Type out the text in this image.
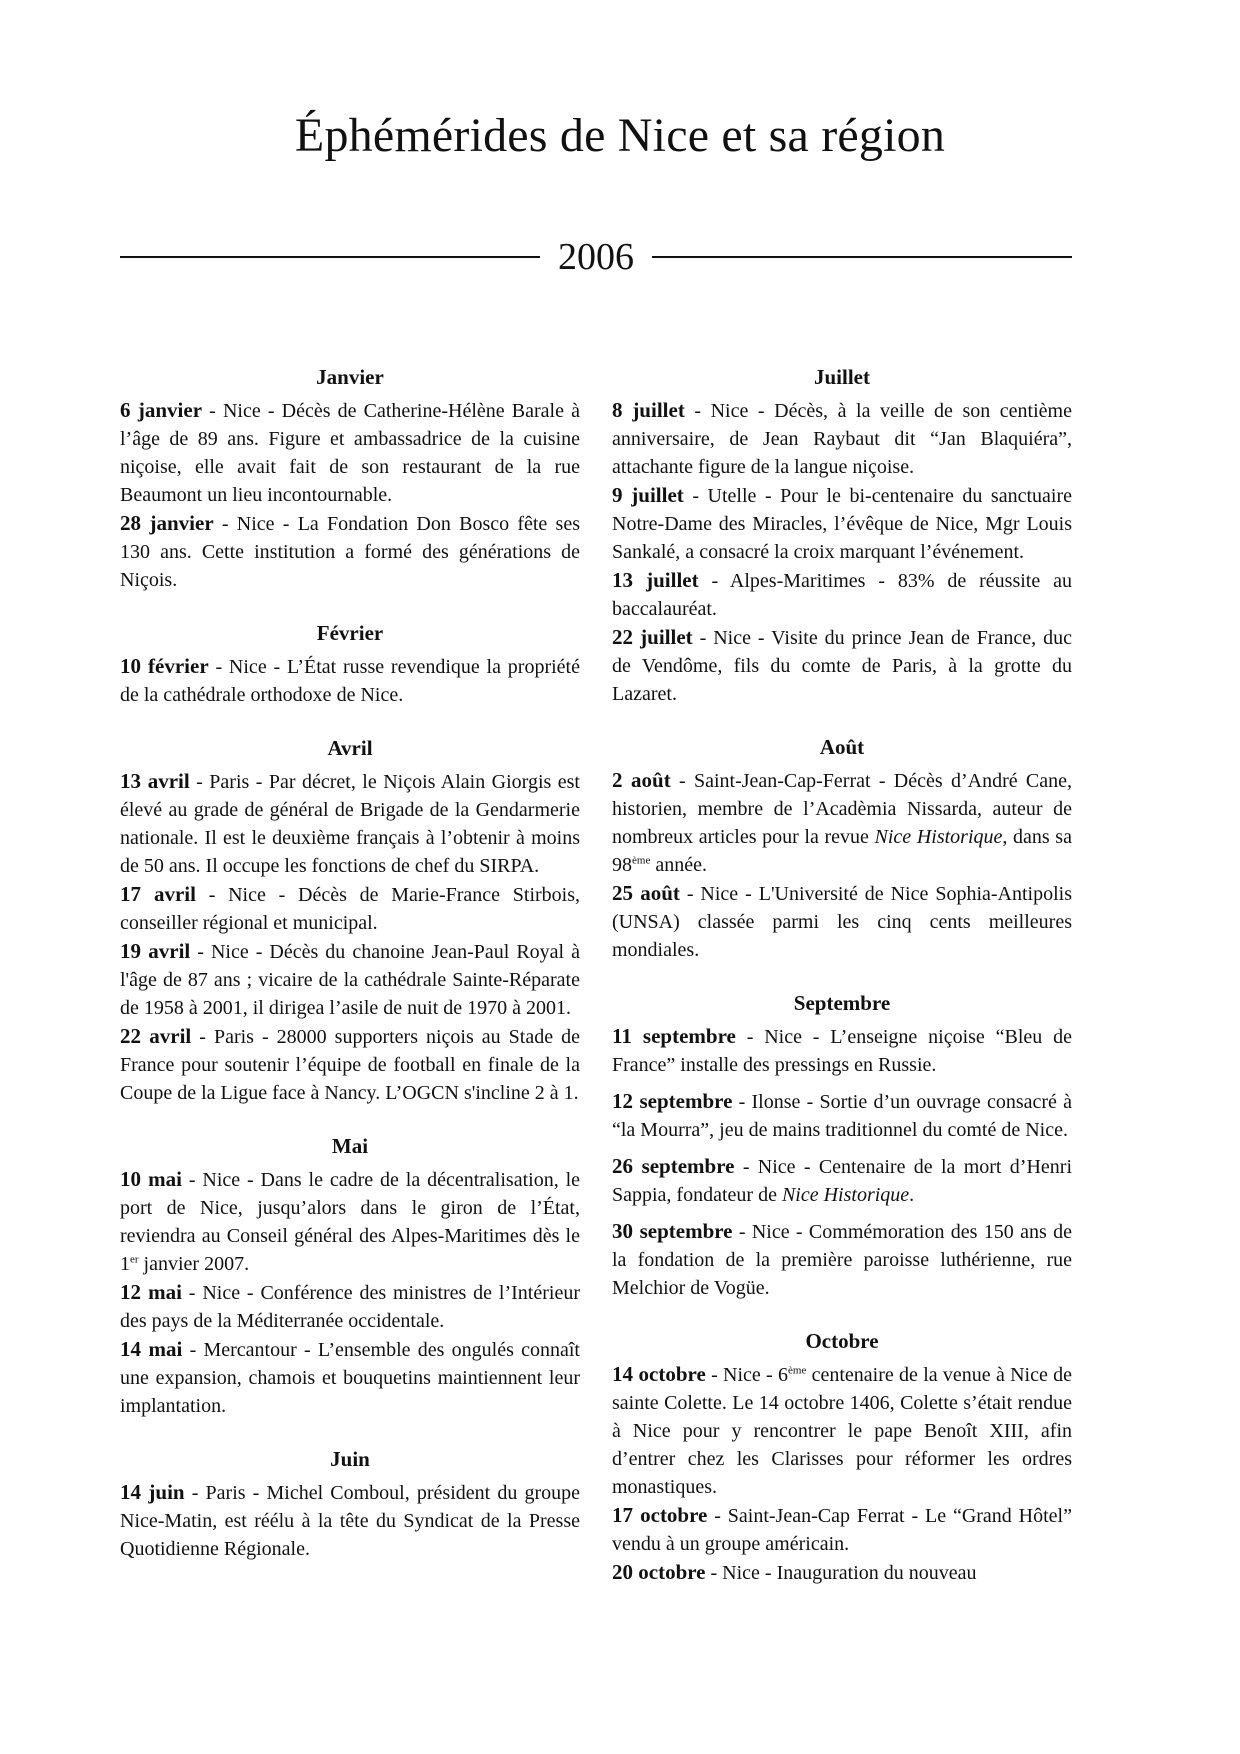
Éphémérides de Nice et sa région
2006
Janvier

6 janvier - Nice - Décès de Catherine-Hélène Barale à l’âge de 89 ans. Figure et ambassadrice de la cuisine niçoise, elle avait fait de son restaurant de la rue Beaumont un lieu incontournable.

28 janvier - Nice - La Fondation Don Bosco fête ses 130 ans. Cette institution a formé des générations de Niçois.

Février

10 février - Nice - L’État russe revendique la propriété de la cathédrale orthodoxe de Nice.

Avril

13 avril - Paris - Par décret, le Niçois Alain Giorgis est élevé au grade de général de Brigade de la Gendarmerie nationale. Il est le deuxième français à l’obtenir à moins de 50 ans. Il occupe les fonctions de chef du SIRPA.

17 avril - Nice - Décès de Marie-France Stirbois, conseiller régional et municipal.

19 avril - Nice - Décès du chanoine Jean-Paul Royal à l'âge de 87 ans ; vicaire de la cathédrale Sainte-Réparate de 1958 à 2001, il dirigea l’asile de nuit de 1970 à 2001.

22 avril - Paris - 28000 supporters niçois au Stade de France pour soutenir l’équipe de football en finale de la Coupe de la Ligue face à Nancy. L’OGCN s'incline 2 à 1.

Mai

10 mai - Nice - Dans le cadre de la décentralisation, le port de Nice, jusqu’alors dans le giron de l’État, reviendra au Conseil général des Alpes-Maritimes dès le 1er janvier 2007.

12 mai - Nice - Conférence des ministres de l’Intérieur des pays de la Méditerranée occidentale.

14 mai - Mercantour - L’ensemble des ongulés connaît une expansion, chamois et bouquetins maintiennent leur implantation.

Juin

14 juin - Paris - Michel Comboul, président du groupe Nice-Matin, est réélu à la tête du Syndicat de la Presse Quotidienne Régionale.

Juillet

8 juillet - Nice - Décès, à la veille de son centième anniversaire, de Jean Raybaut dit “Jan Blaquiéra”, attachante figure de la langue niçoise.

9 juillet - Utelle - Pour le bi-centenaire du sanctuaire Notre-Dame des Miracles, l’évêque de Nice, Mgr Louis Sankalé, a consacré la croix marquant l’événement.

13 juillet - Alpes-Maritimes - 83% de réussite au baccalauréat.

22 juillet - Nice - Visite du prince Jean de France, duc de Vendôme, fils du comte de Paris, à la grotte du Lazaret.

Août

2 août - Saint-Jean-Cap-Ferrat - Décès d’André Cane, historien, membre de l’Acadèmia Nissarda, auteur de nombreux articles pour la revue Nice Historique, dans sa 98ème année.

25 août - Nice - L'Université de Nice Sophia-Antipolis (UNSA) classée parmi les cinq cents meilleures mondiales.

Septembre

11 septembre - Nice - L’enseigne niçoise “Bleu de France” installe des pressings en Russie.

12 septembre - Ilonse - Sortie d’un ouvrage consacré à “la Mourra”, jeu de mains traditionnel du comté de Nice.

26 septembre - Nice - Centenaire de la mort d’Henri Sappia, fondateur de Nice Historique.

30 septembre - Nice - Commémoration des 150 ans de la fondation de la première paroisse luthérienne, rue Melchior de Vogüe.

Octobre

14 octobre - Nice - 6ème centenaire de la venue à Nice de sainte Colette. Le 14 octobre 1406, Colette s’était rendue à Nice pour y rencontrer le pape Benoît XIII, afin d’entrer chez les Clarisses pour réformer les ordres monastiques.

17 octobre - Saint-Jean-Cap Ferrat - Le “Grand Hôtel” vendu à un groupe américain.

20 octobre - Nice - Inauguration du nouveau
